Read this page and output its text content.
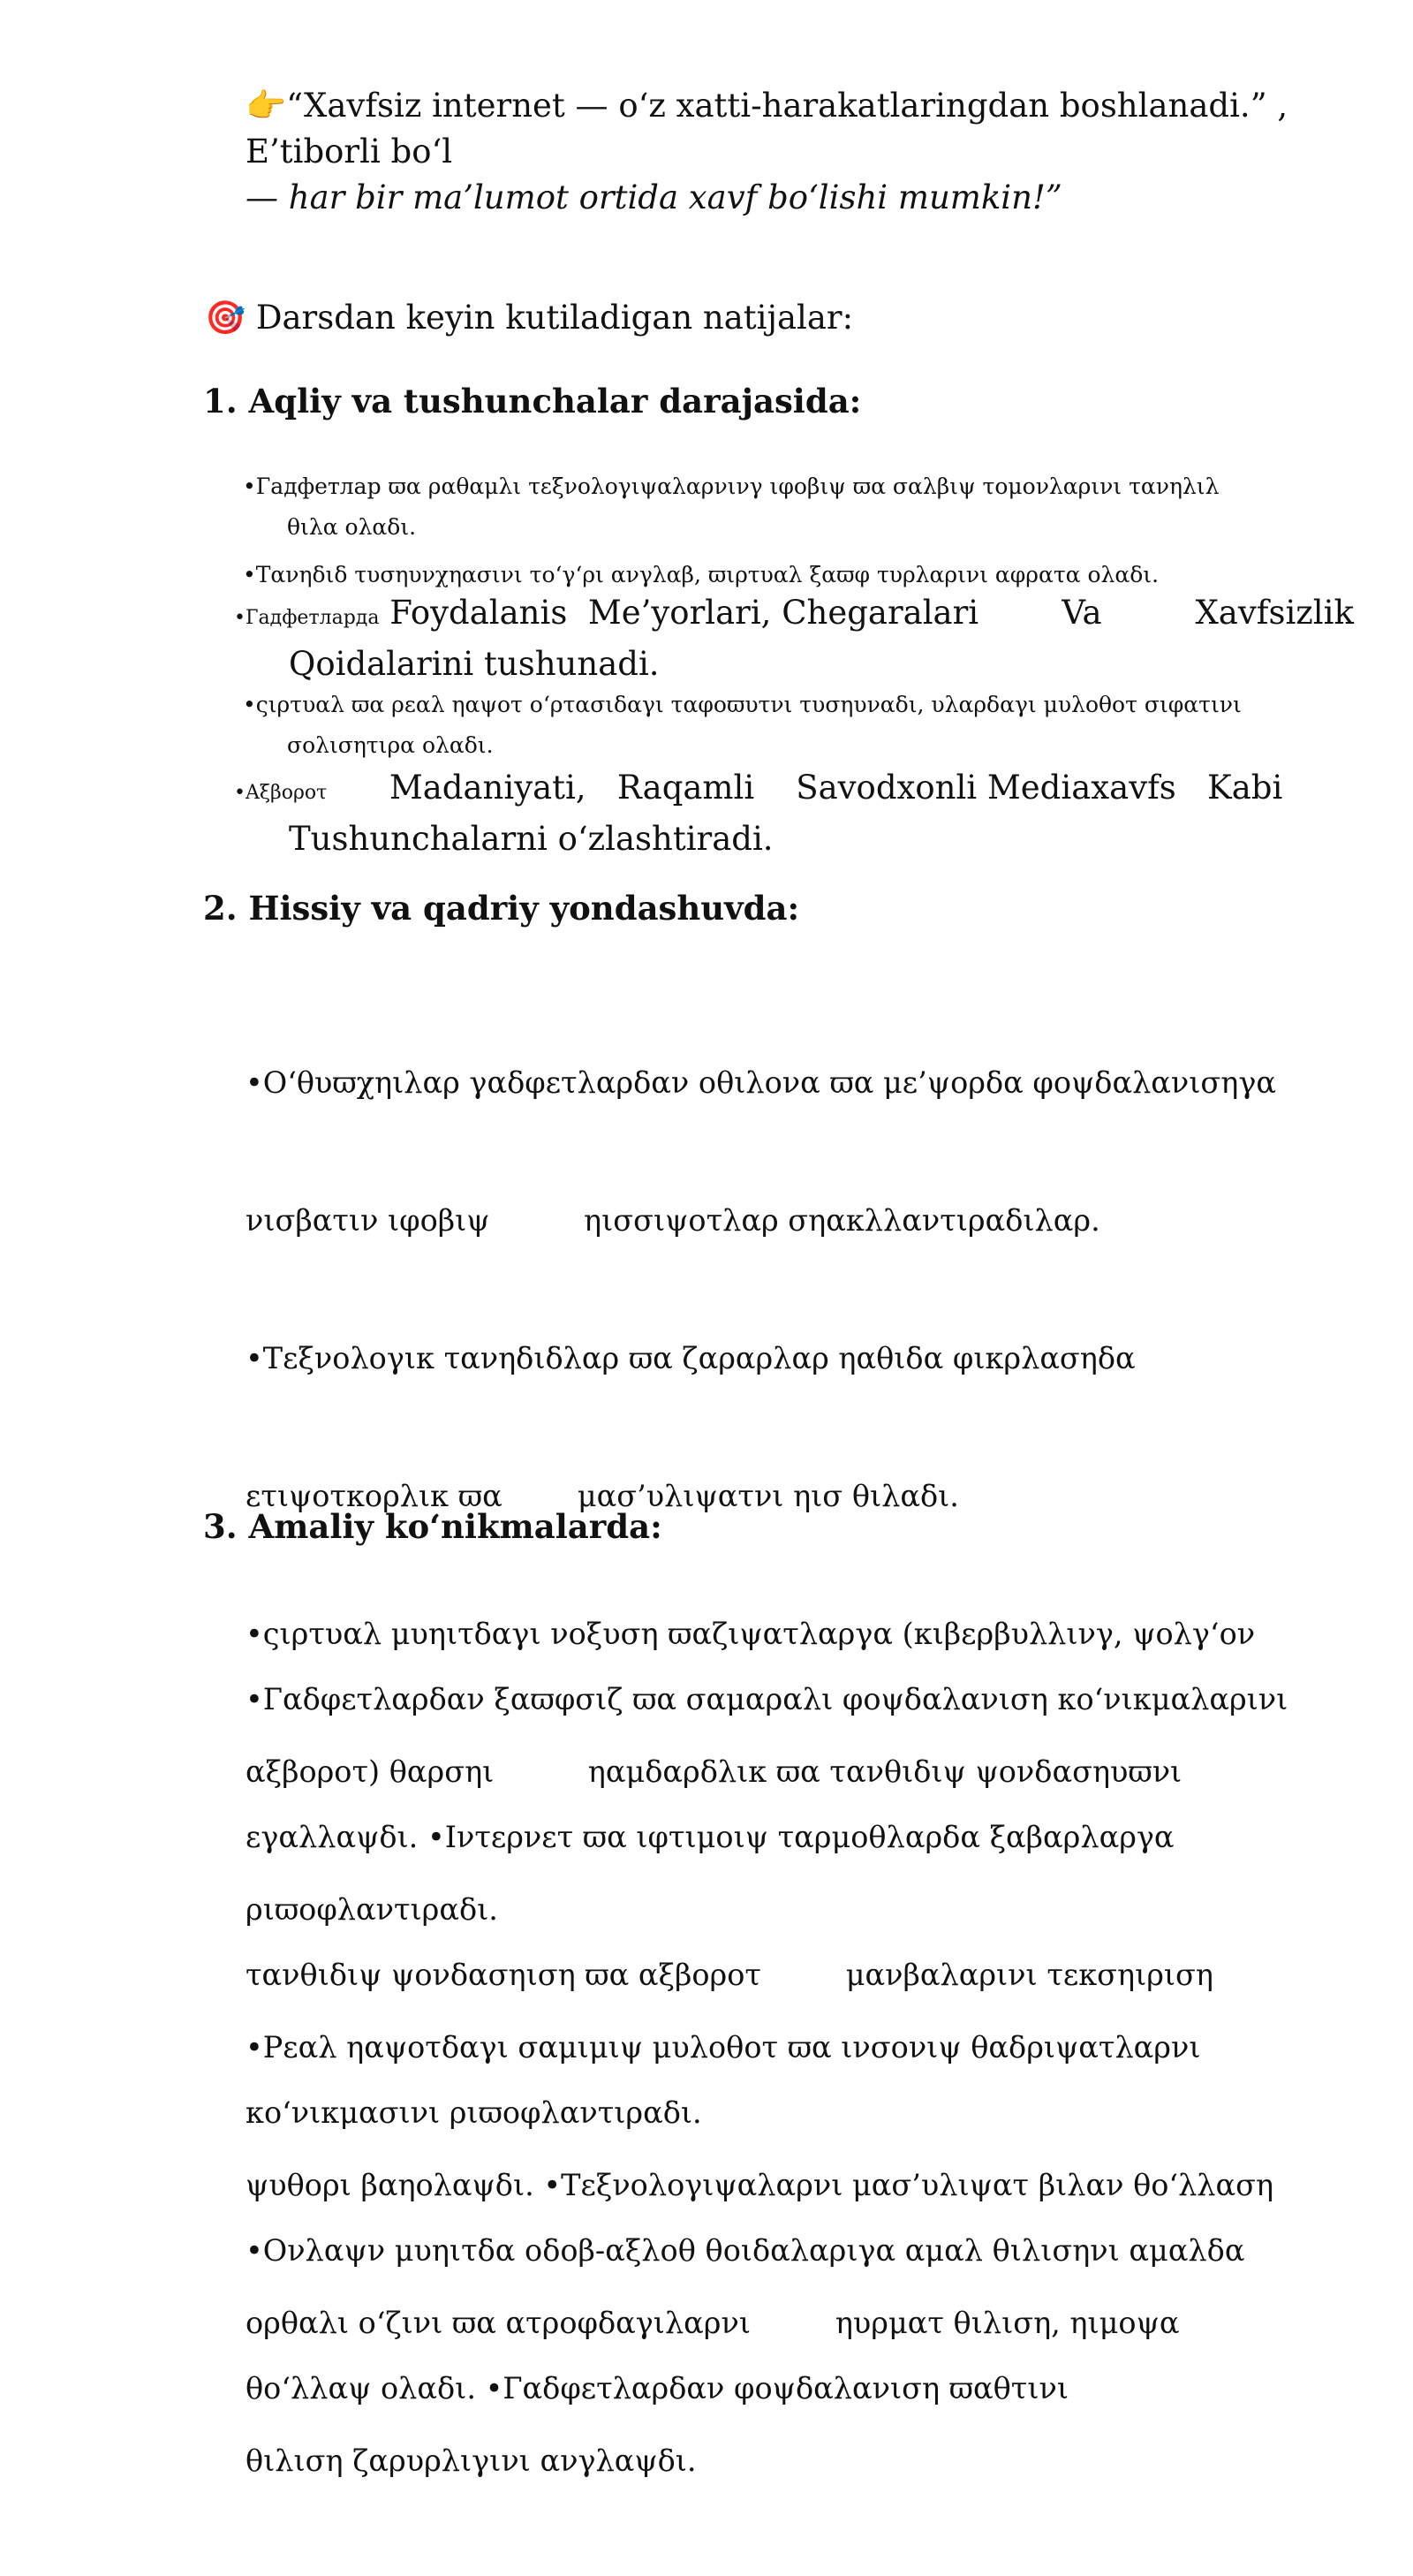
👉“Xavfsiz internet — o‘z xatti-harakatlaringdan boshlanadi.” ,
E’tiborli bo‘l
— har bir ma’lumot ortida xavf bo‘lishi mumkin!”
🎯 Darsdan keyin kutiladigan natijalar:
1. Aqliy va tushunchalar darajasida:
•Гадфетлар ϖα ραθαμλι τεξνολογιψαλαρνινγ ιφοβιψ ϖα σαλβιψ τομονλαρινι τανηλιλ
θιλα ολαδι.
•Τανηδιδ τυσηυνχηασινι το‘γ‘ρι ανγλαβ, ϖιρτυαλ ξαϖφ τυρλαρινι αφρατα ολαδι.
•Гадфетларда Foydalanis  Me’yorlari, Chegaralari        Va         Xavfsizlik
Qoidalarini tushunadi.
•ςιρτυαλ ϖα ρεαλ ηαψοτ ο‘ρτασιδαγι ταφοϖυτνι τυσηυναδι, υλαρδαγι μυλοθοτ σιφατινι
σολισητιρα ολαδι.
•Αξβοροτ      Madaniyati,   Raqamli    Savodxonli Mediaxavfs   Kabi
Tushunchalarni o‘zlashtiradi.
2. Hissiy va qadriy yondashuvda:

•Ο‘θυϖχηιλαρ γαδφετλαρδαν οθιλονα ϖα με’ψορδα φοψδαλανισηγα

νισβατιν ιφοβιψ          ηισσιψοτλαρ σηακλλαντιραδιλαρ.

•Τεξνολογικ τανηδιδλαρ ϖα ζαραρλαρ ηαθιδα φικρλασηδα

ετιψοτκορλικ ϖα        μασ’υλιψατνι ηισ θιλαδι.

•ςιρτυαλ μυηιτδαγι νοξυση ϖαζιψατλαργα (κιβερβυλλινγ, ψολγ‘ον

αξβοροτ) θαρσηι          ηαμδαρδλικ ϖα τανθιδιψ ψονδασηυϖνι

ριϖοφλαντιραδι.

•Ρεαλ ηαψοτδαγι σαμιμιψ μυλοθοτ ϖα ινσονιψ θαδριψατλαρνι

ψυθορι βαηολαψδι. •Τεξνολογιψαλαρνι μασ’υλιψατ βιλαν θο‘λλαση

ορθαλι ο‘ζινι ϖα ατροφδαγιλαρνι         ηυρματ θιλιση, ηιμοψα

θιλιση ζαρυρλιγινι ανγλαψδι.

3. Amaliy ko‘nikmalarda:

•Гαδφετλαρδαν ξαϖφσιζ ϖα σαμαραλι φοψδαλανιση κο‘νικμαλαρινι

εγαλλαψδι. •Ιντερνετ ϖα ιφτιμοιψ ταρμοθλαρδα ξαβαρλαργα

τανθιδιψ ψονδασηιση ϖα αξβοροτ         μανβαλαρινι τεκσηιριση

κο‘νικμασινι ριϖοφλαντιραδι.

•Ονλαψν μυηιτδα οδοβ-αξλοθ θοιδαλαριγα αμαλ θιλισηνι αμαλδα

θο‘λλαψ ολαδι. •Гαδφετλαρδαν φοψδαλανιση ϖαθτινι
